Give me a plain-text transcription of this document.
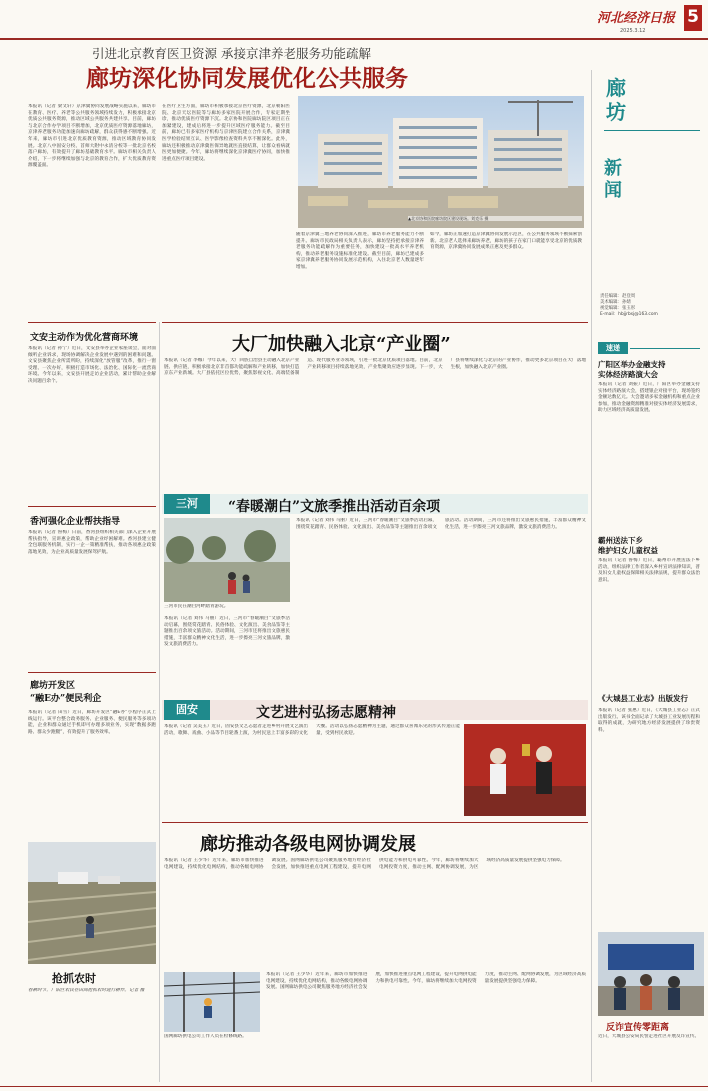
河北经济日报
2025.3.12
5
引进北京教育医卫资源 承接京津养老服务功能疏解
廊坊深化协同发展优化公共服务
本报讯（记者 梁文轩）京津冀协同发展战略实施以来，廊坊市在教育、医疗、养老等公共服务领域持续发力，积极承接北京优质公共服务资源，推动区域公共服务共建共享。目前，廊坊与北京合作办学项目不断增加，北京优质医疗资源落地廊坊，京津养老服务功能加速向廊坊疏解，群众获得感不断增强。近年来，廊坊市引进北京优质教育资源，推动区域教育协同发展。北京八中固安分校、首师大附中永清分校等一批北京名校落户廊坊，有效提升了廊坊基础教育水平。廊坊市相关负责人介绍，下一步将继续加强与北京的教育合作，扩大优质教育资源覆盖面。
在医疗卫生方面，廊坊市积极承接北京医疗资源，北京朝阳医院、北京天坛医院等与廊坊多家医院开展合作，专家定期坐诊，推动优质医疗资源下沉。北京协和医院廊坊院区项目正在加紧建设，建成后将进一步提升区域医疗服务能力。截至目前，廊坊已有多家医疗机构与京津医院建立合作关系，京津冀医学检验结果互认、医学影像检查资料共享不断深化。此外，廊坊还积极推动京津冀医保异地就医直接结算，让群众看病就医更加便捷。今年，廊坊将继续深化京津冀医疗协同，加快推进重点医疗项目建设。
▲北京协和医院廊坊院区建设现场。刘克乐 摄
随着京津冀三地养老协同深入推进，廊坊市养老服务能力不断提升。廊坊市民政局相关负责人表示，廊坊坚持把承接京津养老服务功能疏解作为重要任务，加快建设一批高水平养老机构，推动养老服务设施标准化建设。截至目前，廊坊已建成多家京津冀养老服务协同发展示范机构，入住北京老人数量逐年增加。
如今，廊坊正加速打造京津冀协同发展示范区，在公共服务领域不断探索创新。北京老人选择来廊坊养老，廊坊的孩子在家门口就能享受北京的优质教育资源，京津冀协同发展成果正惠及更多群众。
廊坊
新闻
责任编辑：赵登周
美术编辑：孙婧
视觉编辑：张玉彤
E-mail：hbjjrbsj@163.com
速递
广阳区举办金融支持
实体经济路演大会
本报讯（记者 刘振）近日，广阳区举办金融支持实体经济路演大会，搭建银企对接平台，现场签约金额达数亿元。大会邀请多家金融机构和重点企业参加，推动金融资源精准对接实体经济发展需求，助力区域经济高质量发展。
霸州送法下乡
维护妇女儿童权益
本报讯（记者 鲁梅）近日，霸州市开展送法下乡活动，组织法律工作者深入乡村宣讲法律知识，普及妇女儿童权益保障相关法律法规，提升群众法治意识。
《大城县工业志》出版发行
本报讯（记者 张惠）近日，《大城县工业志》正式出版发行。该书全面记录了大城县工业发展历程和取得的成就，为研究地方经济发展提供了珍贵资料。
反诈宣传零距离
近日，大城县公安局民警走进社区开展反诈宣传。
文安主动作为优化营商环境
本报讯（记者 孙宁）近日，文安县举办企业家座谈会，面对面倾听企业诉求，现场协调解决企业发展中遇到的困难和问题。文安县聚焦企业所需所盼，持续深化“放管服”改革，推行一窗受理、一次办好，积极打造市场化、法治化、国际化一流营商环境。今年以来，文安县开展走访企业活动，累计帮助企业解决问题百余个。
香河强化企业帮扶指导
本报讯（记者 鲁梅）日前，香河县组织相关部门深入企业开展帮扶指导，宣讲惠企政策，帮助企业纾困解难。香河县建立健全包联服务机制，实行一企一策精准帮扶，推动各项惠企政策落地见效，为企业高质量发展保驾护航。
廊坊开发区
“融E办”便民利企
本报讯（记者 田雪）近日，廊坊开发区“融E办”小程序正式上线运行。该平台整合政务服务、企业服务、便民服务等多项功能，企业和群众通过手机即可办理多项业务，实现“数据多跑路、群众少跑腿”，有效提升了服务效率。
抢抓农时
春耕时节，广阳区农民在田间抢抓农时进行耕作。记者 摄
大厂加快融入北京“产业圈”
本报讯（记者 李娜）今年以来，大厂回族自治县主动融入北京产业链、供应链，积极承接北京非首都功能疏解和产业转移，加快打造京东产业新城。大厂县依托区位优势，聚焦影视文化、高端装备制造、现代服务业等领域，引进一批北京优质项目落地。目前，北京产业转移项目持续落地见效，产业集聚效应逐步显现。下一步，大厂县将继续深化与北京的产业协作，推动更多北京项目在大厂落地生根，加快融入北京产业圈。
三河	“春暖潮白”文旅季推出活动百余项
三河市民在潮白河畔踏青游玩。
本报讯（记者 刘伟 马丽）近日，三河市“春暖潮白”文旅季活动启幕，围绕赏花踏青、民俗体验、文化演出、美食品鉴等主题推出百余项文旅活动。活动期间，三河市还将推出文旅惠民措施，丰富群众精神文化生活，进一步擦亮三河文旅品牌，激发文旅消费活力。
本报讯（记者 刘伟 马丽）近日，三河市“春暖潮白”文旅季活动启幕，围绕赏花踏青、民俗体验、文化演出、美食品鉴等主题推出百余项文旅活动。活动期间，三河市还将推出文旅惠民措施，丰富群众精神文化生活，进一步擦亮三河文旅品牌，激发文旅消费活力。
固安	文艺进村弘扬志愿精神
本报讯（记者 吴美玉）近日，固安县文艺志愿者走进乡村开展文艺演出活动，歌舞、戏曲、小品等节目轮番上演，为村民送上丰富多彩的文化大餐。活动以弘扬志愿精神为主题，通过群众喜闻乐见的形式传递正能量，受到村民欢迎。
廊坊推动各级电网协调发展
本报讯（记者 王少华）近年来，廊坊市加快推进电网建设，持续优化电网结构，推动各级电网协调发展。国网廊坊供电公司聚焦服务地方经济社会发展，加快推进重点电网工程建设，提升电网供电能力和供电可靠性。今年，廊坊将继续加大电网投资力度，推动主网、配网协调发展，为区域经济高质量发展提供坚强电力保障。
国网廊坊供电公司工作人员在检修线路。
本报讯（记者 王少华）近年来，廊坊市加快推进电网建设，持续优化电网结构，推动各级电网协调发展。国网廊坊供电公司聚焦服务地方经济社会发展，加快推进重点电网工程建设，提升电网供电能力和供电可靠性。今年，廊坊将继续加大电网投资力度，推动主网、配网协调发展，为区域经济高质量发展提供坚强电力保障。
